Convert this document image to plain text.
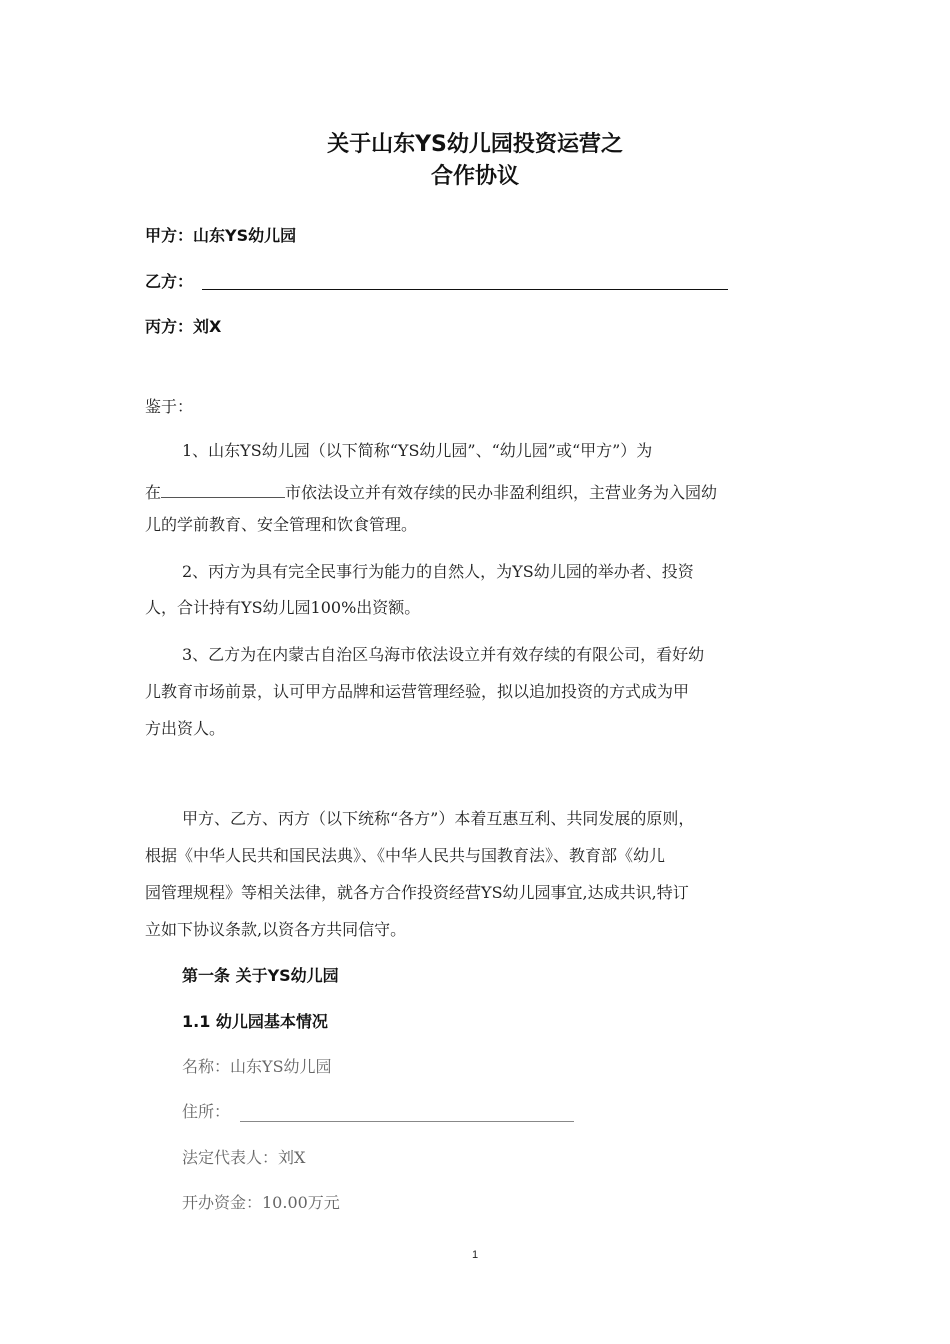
关于山东YS幼儿园投资运营之
合作协议
甲方：山东YS幼儿园
乙方：
丙方：刘X
鉴于：
1、山东YS幼儿园（以下简称“YS幼儿园”、“幼儿园”或“甲方”）为
在	市依法设立并有效存续的民办非盈利组织，主营业务为入园幼
儿的学前教育、安全管理和饮食管理。
2、丙方为具有完全民事行为能力的自然人，为YS幼儿园的举办者、投资
人，合计持有YS幼儿园100%出资额。
3、乙方为在内蒙古自治区乌海市依法设立并有效存续的有限公司，看好幼
儿教育市场前景，认可甲方品牌和运营管理经验，拟以追加投资的方式成为甲
方出资人。
甲方、乙方、丙方（以下统称“各方”）本着互惠互利、共同发展的原则，
根据《中华人民共和国民法典》、《中华人民共与国教育法》、教育部《幼儿
园管理规程》等相关法律，就各方合作投资经营YS幼儿园事宜,达成共识,特订
立如下协议条款,以资各方共同信守。
第一条 关于YS幼儿园
1.1 幼儿园基本情况
名称：山东YS幼儿园
住所：
法定代表人：刘X
开办资金：10.00万元
1
